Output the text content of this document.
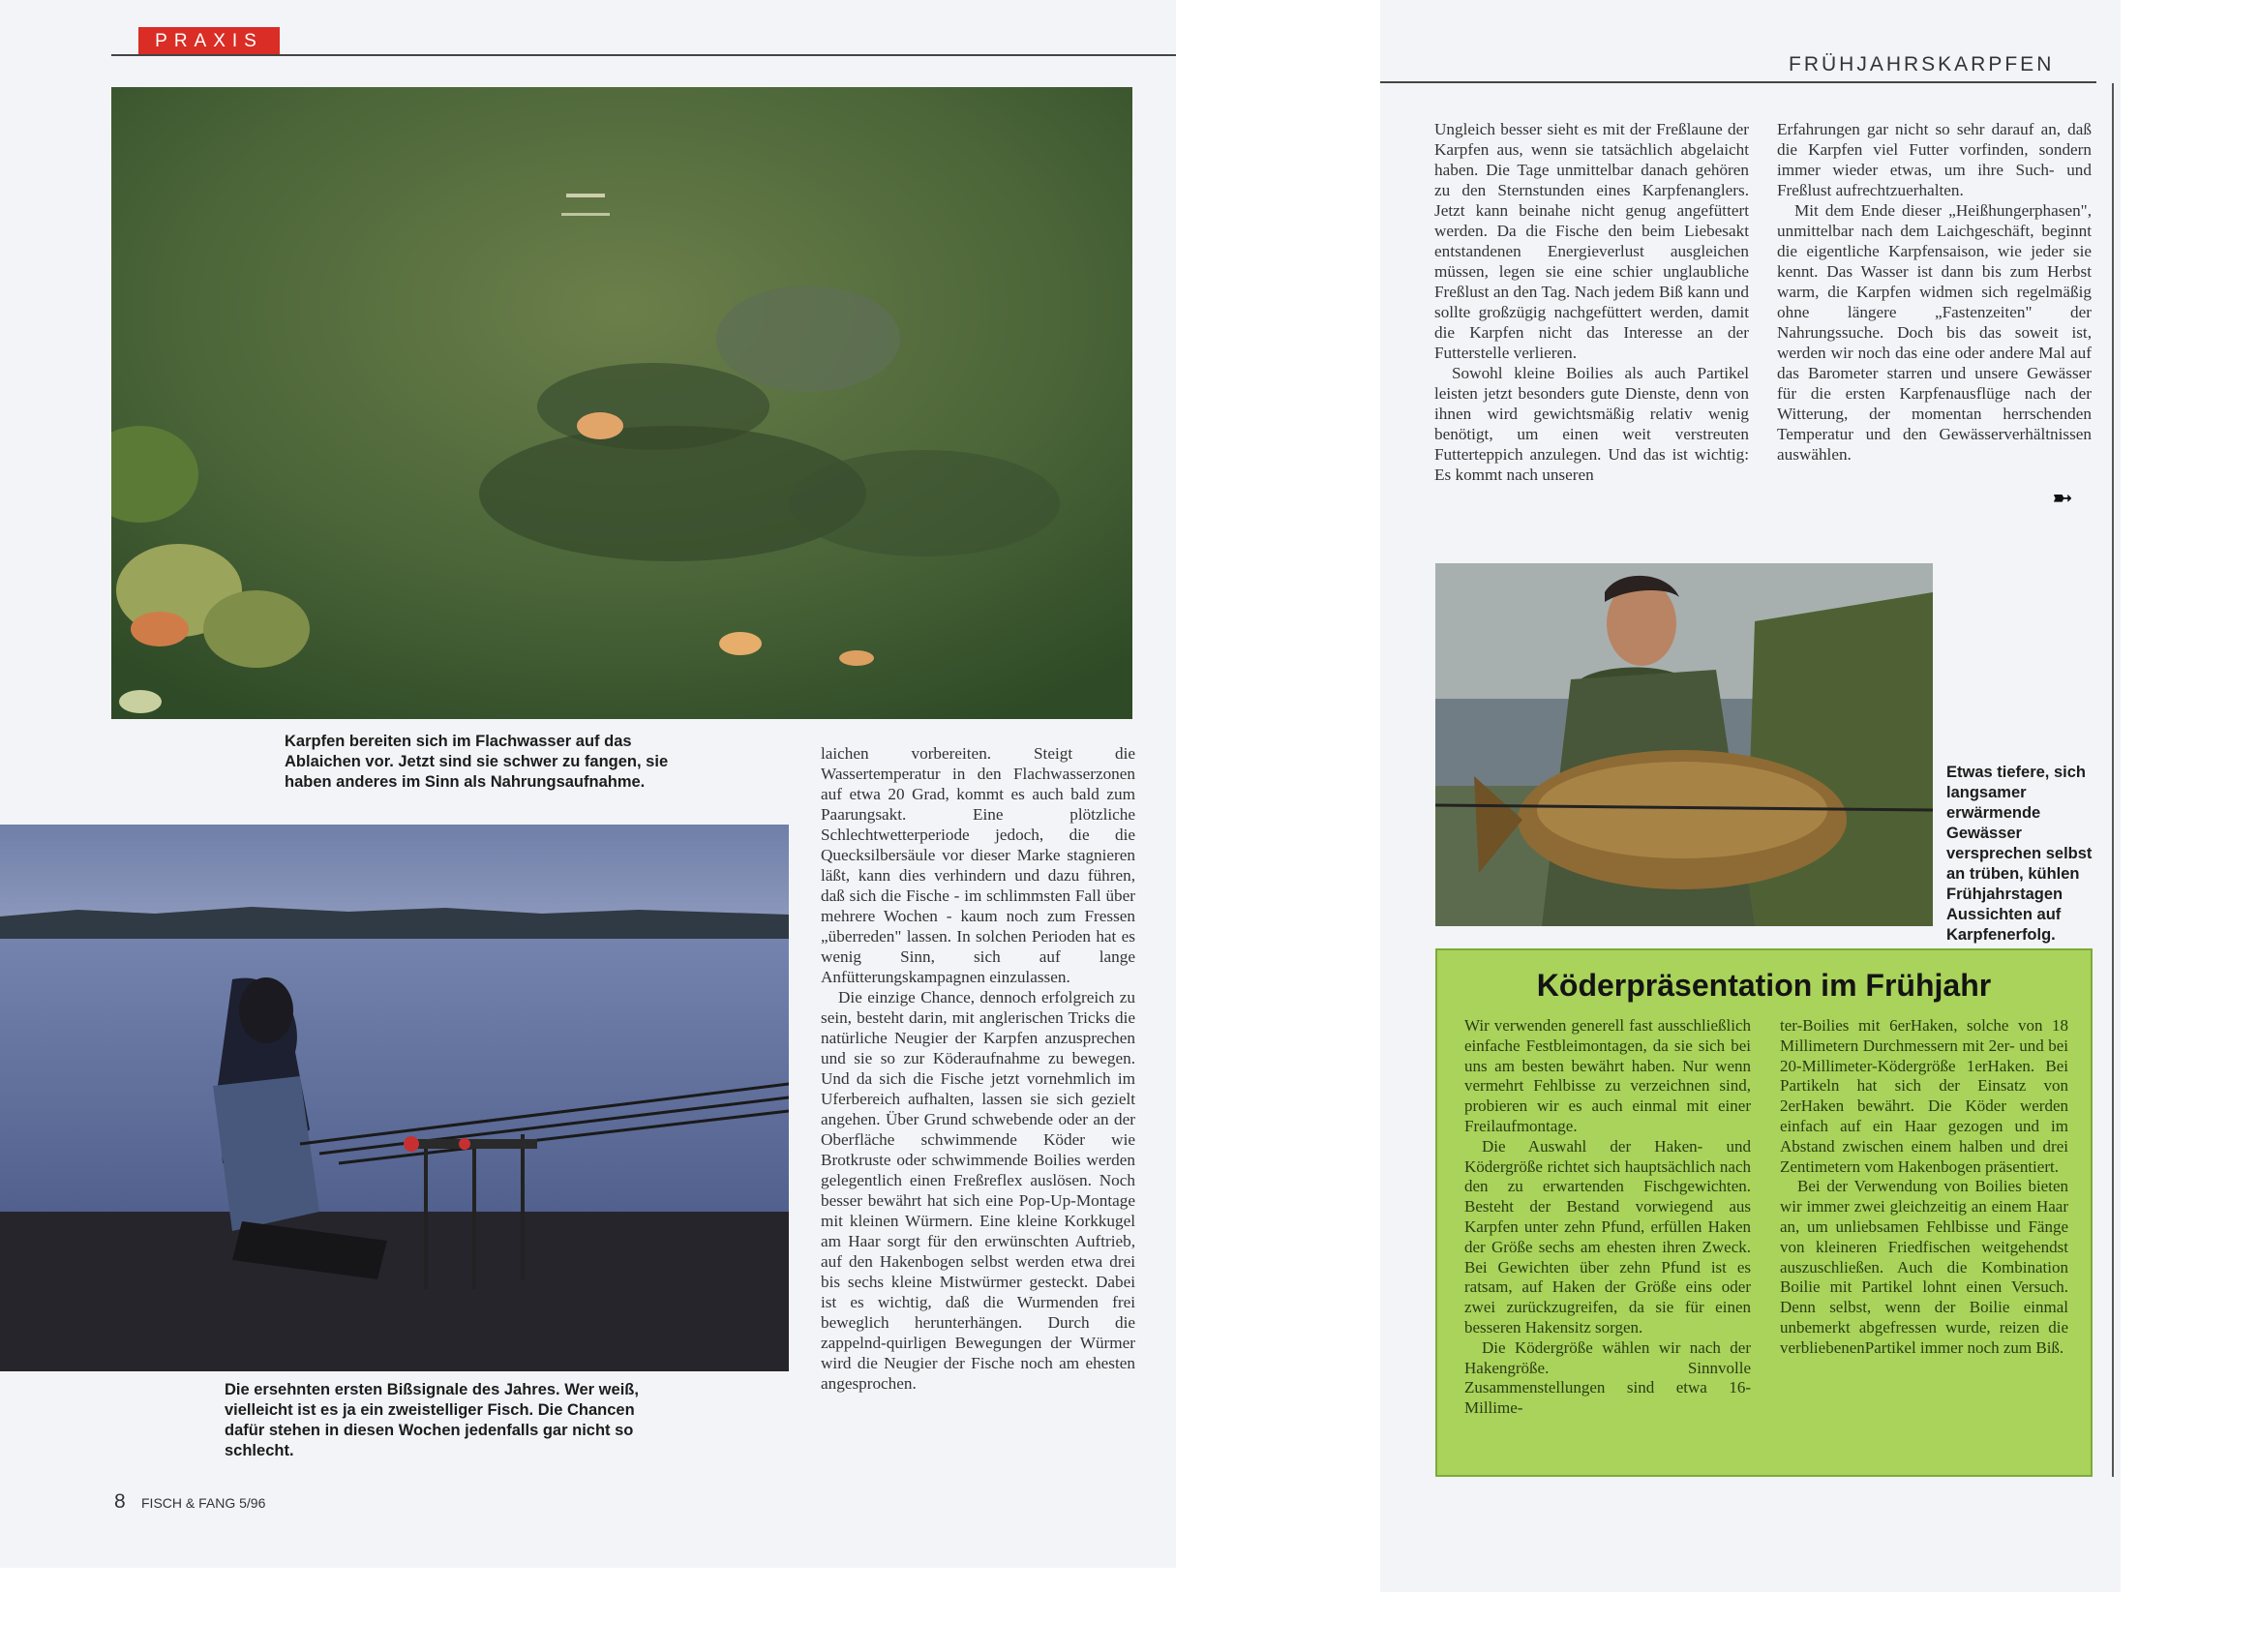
PRAXIS
Karpfen bereiten sich im Flachwasser auf das Ablaichen vor. Jetzt sind sie schwer zu fangen, sie haben anderes im Sinn als Nahrungsaufnahme.
Die ersehnten ersten Bißsignale des Jahres. Wer weiß, vielleicht ist es ja ein zweistelliger Fisch. Die Chancen dafür stehen in diesen Wochen jedenfalls gar nicht so schlecht.

laichen vorbereiten. Steigt die Wassertemperatur in den Flachwasserzonen auf etwa 20 Grad, kommt es auch bald zum Paarungsakt. Eine plötzliche Schlechtwetterperiode jedoch, die die Quecksilbersäule vor dieser Marke stagnieren läßt, kann dies verhindern und dazu führen, daß sich die Fische - im schlimmsten Fall über mehrere Wochen - kaum noch zum Fressen „überreden" lassen. In solchen Perioden hat es wenig Sinn, sich auf lange Anfütterungskampagnen einzulassen.

Die einzige Chance, dennoch erfolgreich zu sein, besteht darin, mit anglerischen Tricks die natürliche Neugier der Karpfen anzusprechen und sie so zur Köderaufnahme zu bewegen. Und da sich die Fische jetzt vornehmlich im Uferbereich aufhalten, lassen sie sich gezielt angehen. Über Grund schwebende oder an der Oberfläche schwimmende Köder wie Brotkruste oder schwimmende Boilies werden gelegentlich einen Freßreflex auslösen. Noch besser bewährt hat sich eine Pop-Up-Montage mit kleinen Würmern. Eine kleine Korkkugel am Haar sorgt für den erwünschten Auftrieb, auf den Hakenbogen selbst werden etwa drei bis sechs kleine Mistwürmer gesteckt. Dabei ist es wichtig, daß die Wurmenden frei beweglich herunterhängen. Durch die zappelnd-quirligen Bewegungen der Würmer wird die Neugier der Fische noch am ehesten angesprochen.

8 FISCH & FANG 5/96
FRÜHJAHRSKARPFEN

Ungleich besser sieht es mit der Freßlaune der Karpfen aus, wenn sie tatsächlich abgelaicht haben. Die Tage unmittelbar danach gehören zu den Sternstunden eines Karpfenanglers. Jetzt kann beinahe nicht genug angefüttert werden. Da die Fische den beim Liebesakt entstandenen Energieverlust ausgleichen müssen, legen sie eine schier unglaubliche Freßlust an den Tag. Nach jedem Biß kann und sollte großzügig nachgefüttert werden, damit die Karpfen nicht das Interesse an der Futterstelle verlieren.

Sowohl kleine Boilies als auch Partikel leisten jetzt besonders gute Dienste, denn von ihnen wird gewichtsmäßig relativ wenig benötigt, um einen weit verstreuten Futterteppich anzulegen. Und das ist wichtig: Es kommt nach unseren

Erfahrungen gar nicht so sehr darauf an, daß die Karpfen viel Futter vorfinden, sondern immer wieder etwas, um ihre Such- und Freßlust aufrechtzuerhalten.

Mit dem Ende dieser „Heißhungerphasen", unmittelbar nach dem Laichgeschäft, beginnt die eigentliche Karpfensaison, wie jeder sie kennt. Das Wasser ist dann bis zum Herbst warm, die Karpfen widmen sich regelmäßig ohne längere „Fastenzeiten" der Nahrungssuche. Doch bis das soweit ist, werden wir noch das eine oder andere Mal auf das Barometer starren und unsere Gewässer für die ersten Karpfenausflüge nach der Witterung, der momentan herrschenden Temperatur und den Gewässerverhältnissen auswählen.

➼
Etwas tiefere, sich langsamer erwärmende Gewässer versprechen selbst an trüben, kühlen Frühjahrstagen Aussichten auf Karpfenerfolg.
Köderpräsentation im Frühjahr

Wir verwenden generell fast ausschließlich einfache Festbleimontagen, da sie sich bei uns am besten bewährt haben. Nur wenn vermehrt Fehlbisse zu verzeichnen sind, probieren wir es auch einmal mit einer Freilaufmontage.

Die Auswahl der Haken- und Ködergröße richtet sich hauptsächlich nach den zu erwartenden Fischgewichten. Besteht der Bestand vorwiegend aus Karpfen unter zehn Pfund, erfüllen Haken der Größe sechs am ehesten ihren Zweck. Bei Gewichten über zehn Pfund ist es ratsam, auf Haken der Größe eins oder zwei zurückzugreifen, da sie für einen besseren Hakensitz sorgen.

Die Ködergröße wählen wir nach der Hakengröße. Sinnvolle Zusammenstellungen sind etwa 16-Millime-

ter-Boilies mit 6erHaken, solche von 18 Millimetern Durchmessern mit 2er- und bei 20-Millimeter-Ködergröße 1erHaken. Bei Partikeln hat sich der Einsatz von 2erHaken bewährt. Die Köder werden einfach auf ein Haar gezogen und im Abstand zwischen einem halben und drei Zentimetern vom Hakenbogen präsentiert.

Bei der Verwendung von Boilies bieten wir immer zwei gleichzeitig an einem Haar an, um unliebsamen Fehlbisse und Fänge von kleineren Friedfischen weitgehendst auszuschließen. Auch die Kombination Boilie mit Partikel lohnt einen Versuch. Denn selbst, wenn der Boilie einmal unbemerkt abgefressen wurde, reizen die verbliebenenPartikel immer noch zum Biß.
